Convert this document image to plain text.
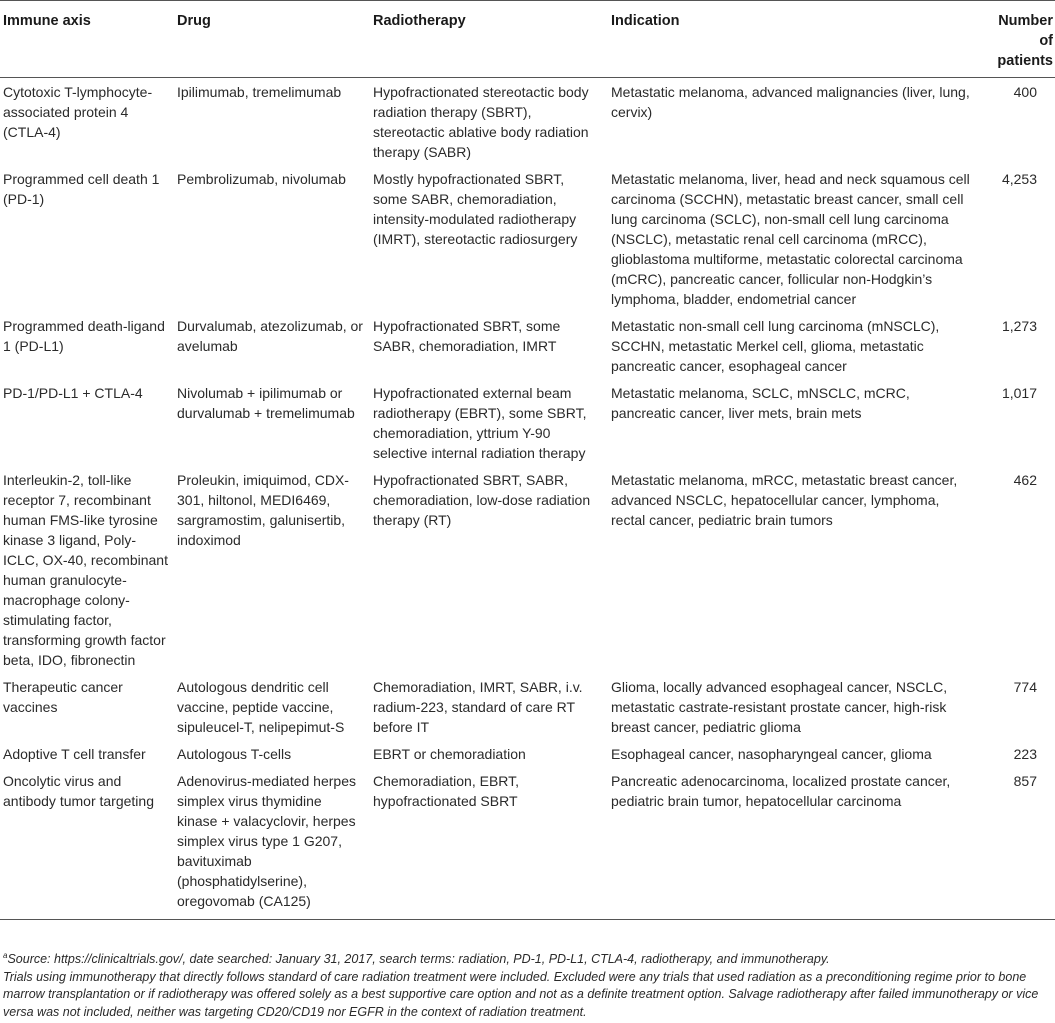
Immune axis	Drug	Radiotherapy	Indication	Number
of
patients
Cytotoxic T-lymphocyte-associated protein 4 (CTLA-4)	Ipilimumab, tremelimumab	Hypofractionated stereotactic body radiation therapy (SBRT), stereotactic ablative body radiation therapy (SABR)	Metastatic melanoma, advanced malignancies (liver, lung, cervix)	400
Programmed cell death 1 (PD-1)	Pembrolizumab, nivolumab	Mostly hypofractionated SBRT, some SABR, chemoradiation, intensity-modulated radiotherapy (IMRT), stereotactic radiosurgery	Metastatic melanoma, liver, head and neck squamous cell carcinoma (SCCHN), metastatic breast cancer, small cell lung carcinoma (SCLC), non-small cell lung carcinoma (NSCLC), metastatic renal cell carcinoma (mRCC), glioblastoma multiforme, metastatic colorectal carcinoma (mCRC), pancreatic cancer, follicular non-Hodgkin’s lymphoma, bladder, endometrial cancer	4,253
Programmed death-ligand 1 (PD-L1)	Durvalumab, atezolizumab, or avelumab	Hypofractionated SBRT, some SABR, chemoradiation, IMRT	Metastatic non-small cell lung carcinoma (mNSCLC), SCCHN, metastatic Merkel cell, glioma, metastatic pancreatic cancer, esophageal cancer	1,273
PD-1/PD-L1 + CTLA-4	Nivolumab + ipilimumab or durvalumab + tremelimumab	Hypofractionated external beam radiotherapy (EBRT), some SBRT, chemoradiation, yttrium Y-90 selective internal radiation therapy	Metastatic melanoma, SCLC, mNSCLC, mCRC, pancreatic cancer, liver mets, brain mets	1,017
Interleukin-2, toll-like receptor 7, recombinant human FMS-like tyrosine kinase 3 ligand, Poly-ICLC, OX-40, recombinant human granulocyte-macrophage colony-stimulating factor, transforming growth factor beta, IDO, fibronectin	Proleukin, imiquimod, CDX-301, hiltonol, MEDI6469, sargramostim, galunisertib, indoximod	Hypofractionated SBRT, SABR, chemoradiation, low-dose radiation therapy (RT)	Metastatic melanoma, mRCC, metastatic breast cancer, advanced NSCLC, hepatocellular cancer, lymphoma, rectal cancer, pediatric brain tumors	462
Therapeutic cancer vaccines	Autologous dendritic cell vaccine, peptide vaccine, sipuleucel-T, nelipepimut-S	Chemoradiation, IMRT, SABR, i.v. radium-223, standard of care RT before IT	Glioma, locally advanced esophageal cancer, NSCLC, metastatic castrate-resistant prostate cancer, high-risk breast cancer, pediatric glioma	774
Adoptive T cell transfer	Autologous T-cells	EBRT or chemoradiation	Esophageal cancer, nasopharyngeal cancer, glioma	223
Oncolytic virus and antibody tumor targeting	Adenovirus-mediated herpes simplex virus thymidine kinase + valacyclovir, herpes simplex virus type 1 G207, bavituximab (phosphatidylserine), oregovomab (CA125)	Chemoradiation, EBRT, hypofractionated SBRT	Pancreatic adenocarcinoma, localized prostate cancer, pediatric brain tumor, hepatocellular carcinoma	857

$^a$Source: https://clinicaltrials.gov/, date searched: January 31, 2017, search terms: radiation, PD-1, PD-L1, CTLA-4, radiotherapy, and immunotherapy.

Trials using immunotherapy that directly follows standard of care radiation treatment were included. Excluded were any trials that used radiation as a preconditioning regime prior to bone marrow transplantation or if radiotherapy was offered solely as a best supportive care option and not as a definite treatment option. Salvage radiotherapy after failed immunotherapy or vice versa was not included, neither was targeting CD20/CD19 nor EGFR in the context of radiation treatment.
